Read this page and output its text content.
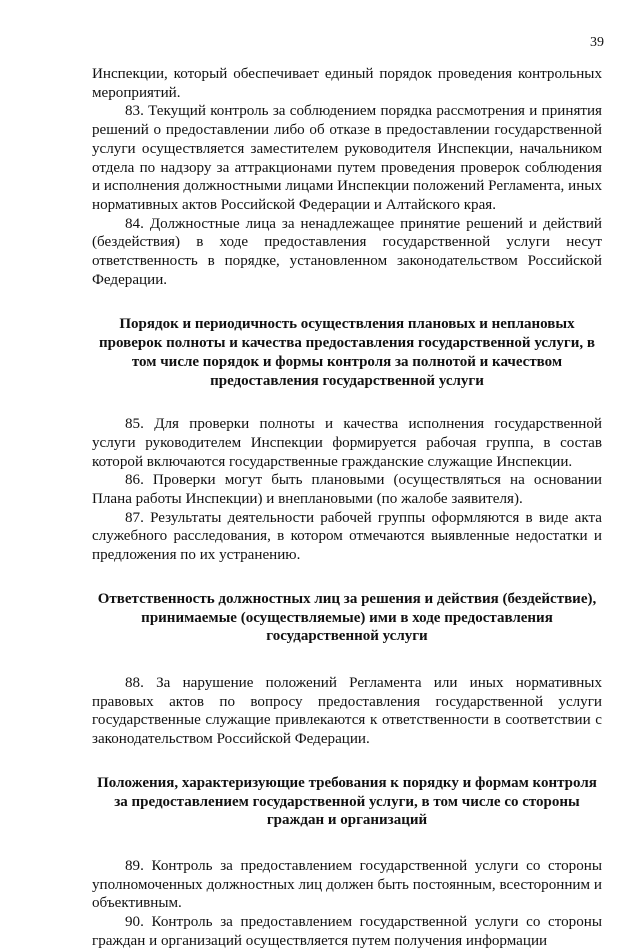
39

Инспекции, который обеспечивает единый порядок проведения контрольных мероприятий.

83. Текущий контроль за соблюдением порядка рассмотрения и принятия решений о предоставлении либо об отказе в предоставлении государственной услуги осуществляется заместителем руководителя Инспекции, начальником отдела по надзору за аттракционами путем проведения проверок соблюдения и исполнения должностными лицами Инспекции положений Регламента, иных нормативных актов Российской Федерации и Алтайского края.

84. Должностные лица за ненадлежащее принятие решений и действий (бездействия) в ходе предоставления государственной услуги несут ответственность в порядке, установленном законодательством Российской Федерации.

Порядок и периодичность осуществления плановых и неплановых проверок полноты и качества предоставления государственной услуги, в том числе порядок и формы контроля за полнотой и качеством предоставления государственной услуги

85. Для проверки полноты и качества исполнения государственной услуги руководителем Инспекции формируется рабочая группа, в состав которой включаются государственные гражданские служащие Инспекции.

86. Проверки могут быть плановыми (осуществляться на основании Плана работы Инспекции) и внеплановыми (по жалобе заявителя).

87. Результаты деятельности рабочей группы оформляются в виде акта служебного расследования, в котором отмечаются выявленные недостатки и предложения по их устранению.

Ответственность должностных лиц за решения и действия (бездействие), принимаемые (осуществляемые) ими в ходе предоставления государственной услуги

88. За нарушение положений Регламента или иных нормативных правовых актов по вопросу предоставления государственной услуги государственные служащие привлекаются к ответственности в соответствии с законодательством Российской Федерации.

Положения, характеризующие требования к порядку и формам контроля за предоставлением государственной услуги, в том числе со стороны граждан и организаций

89. Контроль за предоставлением государственной услуги со стороны уполномоченных должностных лиц должен быть постоянным, всесторонним и объективным.

90. Контроль за предоставлением государственной услуги со стороны граждан и организаций осуществляется путем получения информации
